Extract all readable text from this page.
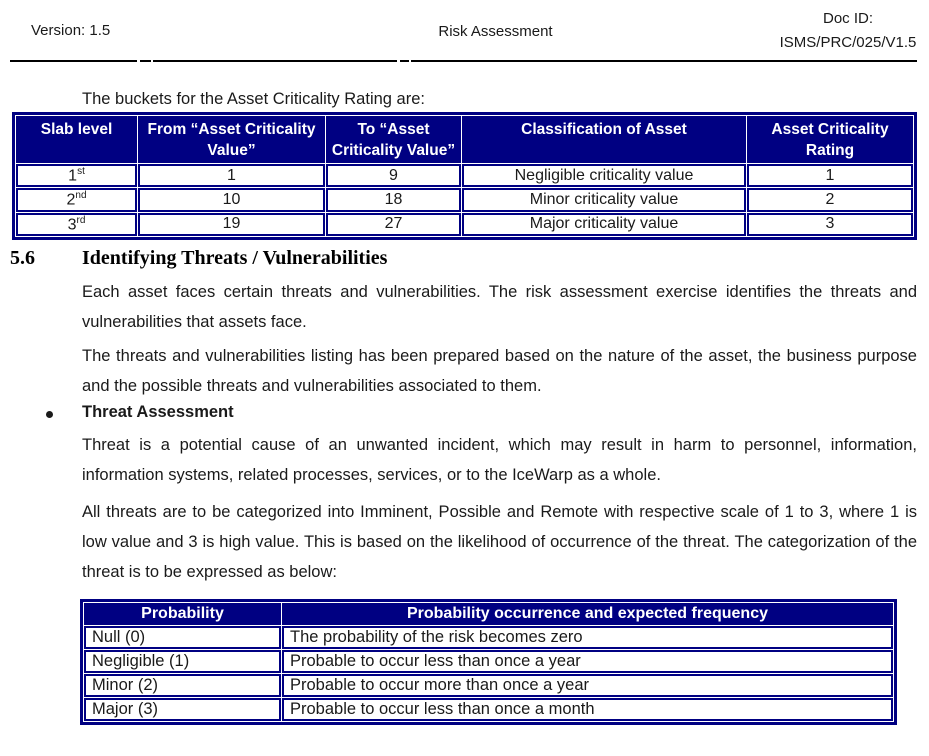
Version: 1.5	Risk Assessment
Doc ID:
ISMS/PRC/025/V1.5
The buckets for the Asset Criticality Rating are:
Slab level	From “Asset Criticality Value”	To “Asset Criticality Value”	Classification of Asset	Asset Criticality Rating
1st	1	9	Negligible criticality value	1
2nd	10	18	Minor criticality value	2
3rd	19	27	Major criticality value	3
5.6	Identifying Threats / Vulnerabilities
Each asset faces certain threats and vulnerabilities. The risk assessment exercise identifies the threats and vulnerabilities that assets face.
The threats and vulnerabilities listing has been prepared based on the nature of the asset, the business purpose and the possible threats and vulnerabilities associated to them.
Threat Assessment
Threat is a potential cause of an unwanted incident, which may result in harm to personnel, information, information systems, related processes, services, or to the IceWarp as a whole.
All threats are to be categorized into Imminent, Possible and Remote with respective scale of 1 to 3, where 1 is low value and 3 is high value. This is based on the likelihood of occurrence of the threat. The categorization of the threat is to be expressed as below:
Probability	Probability occurrence and expected frequency
Null (0)	The probability of the risk becomes zero
Negligible (1)	Probable to occur less than once a year
Minor (2)	Probable to occur more than once a year
Major (3)	Probable to occur less than once a month
